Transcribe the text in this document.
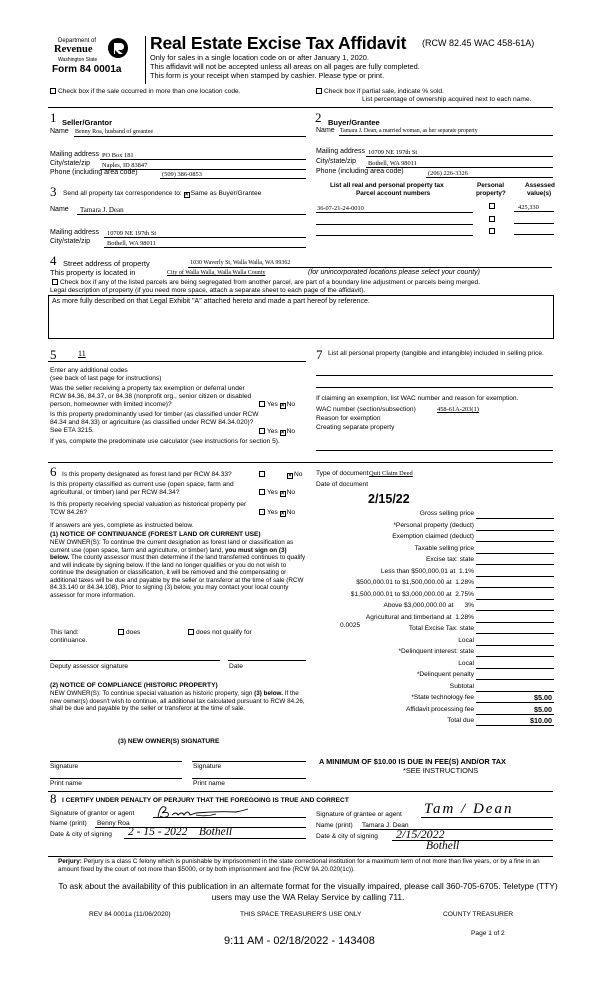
Department of
Revenue
Washington State
Form 84 0001a
Real Estate Excise Tax Affidavit (RCW 82.45 WAC 458-61A)
Only for sales in a single location code on or after January 1, 2020.
This affidavit will not be accepted unless all areas on all pages are fully completed.
This form is your receipt when stamped by cashier. Please type or print.
Check box if the sale occurred in more than one location code.	Check box if partial sale, indicate % sold.
List percentage of ownership acquired next to each name.
1 Seller/Grantor
Name Benny Roa, husband of greantee
Mailing address PO Box 181
City/state/zip Naples, ID 83847
Phone (including area code)	(509) 386-0853
2 Buyer/Grantee
Name Tamara J. Dean, a married woman, as her separate property
Mailing address 10709 NE 197th St
City/state/zip Bothell, WA 98011
Phone (including area code)	(206) 226-3326
3 Send all property tax correspondence to: × Same as Buyer/Grantee
Name Tamara J. Dean
Mailing address 10709 NE 197th St
City/state/zip	Bothell, WA 98011
List all real and personal property tax
Parcel account numbers
Personal
property?
Assessed
value(s)
36-07-21-24-0010	425,330
4 Street address of property	1030 Waverly St, Walla Walla, WA 99362
This property is located in	City of Walla Walla, Walla Walla County	(for unincorporated locations please select your county)
Check box if any of the listed parcels are being segregated from another parcel, are part of a boundary line adjustment or parcels being merged.
Legal description of property (if you need more space, attach a separate sheet to each page of the affidavit).
As more fully described on that Legal Exhibit "A" attached hereto and made a part hereof by reference.
5	11
Enter any additional codes
(see back of last page for instructions)
Was the seller receiving a property tax exemption or deferral under RCW 84.36, 84.37, or 84.38 (nonprofit org., senior citizen or disabled person, homeowner with limited income)?	Yes × No
Is this property predominantly used for timber (as classified under RCW 84.34 and 84.33) or agriculture (as classified under RCW 84.34.020)? See ETA 3215.	Yes × No
If yes, complete the predominate use calculator (see instructions for section 5).
6 Is this property designated as forest land per RCW 84.33?	× No
Is this property classified as current use (open space, farm and agricultural, or timber) land per RCW 84.34?	Yes × No
Is this property receiving special valuation as historical property per TCW 84.26?	Yes × No
If answers are yes, complete as instructed below.
(1) NOTICE OF CONTINUANCE (FOREST LAND OR CURRENT USE)
NEW OWNER(S): To continue the current designation as forest land or classification as current use (open space, farm and agriculture, or timber) land, you must sign on (3) below. The county assessor must then determine if the land transferred continues to qualify and will indicate by signing below. If the land no longer qualifies or you do not wish to continue the designation or classification, it will be removed and the compensating or additional taxes will be due and payable by the seller or transferor at the time of sale (RCW 84.33.140 or 84.34.108). Prior to signing (3) below, you may contact your local county assessor for more information.
This land:	does	does not qualify for
continuance.
Deputy assessor signature	Date
(2) NOTICE OF COMPLIANCE (HISTORIC PROPERTY)
NEW OWNER(S): To continue special valuation as historic property, sign (3) below. If the new owner(s) doesn't wish to continue, all additional tax calculated pursuant to RCW 84.26, shall be due and payable by the seller or transferor at the time of sale.
(3) NEW OWNER(S) SIGNATURE
Signature	Signature
Print name	Print name
7 List all personal property (tangible and intangible) included in selling price.
If claiming an exemption, list WAC number and reason for exemption.
WAC number (section/subsection)	458-61A-203(1)
Reason for exemption
Creating separate property
Type of document Quit Claim Deed
Date of document
2/15/22
Gross selling price
*Personal property (deduct)
Exemption claimed (deduct)
Taxable selling price
Excise tax: state
Less than $500,000.01 at  1.1%
$500,000.01 to $1,500,000.00 at  1.28%
$1,500,000.01 to $3,000,000.00 at  2.75%
Above $3,000,000.00 at      3%
Agricultural and timberland at  1.28%
Total Excise Tax: state
Local
*Delinquent interest: state
Local
*Delinquent penalty
Subtotal
*State technology fee	$5.00
Affidavit processing fee	$5.00
Total due	$10.00
0.0025
A MINIMUM OF $10.00 IS DUE IN FEE(S) AND/OR TAX
*SEE INSTRUCTIONS
8 I CERTIFY UNDER PENALTY OF PERJURY THAT THE FOREGOING IS TRUE AND CORRECT
Signature of grantor or agent
Name (print) Benny Roa
Date & city of signing 2 - 15 - 2022    Bothell
Signature of grantee or agent Tam / Dean
Name (print) Tamara J. Dean
Date & city of signing 2/15/2022
Bothell
Perjury: Perjury is a class C felony which is punishable by imprisonment in the state correctional institution for a maximum term of not more than five years, or by a fine in an amount fixed by the court of not more than $5000, or by both imprisonment and fine (RCW 9A.20.020(1c)).
To ask about the availability of this publication in an alternate format for the visually impaired, please call 360-705-6705. Teletype (TTY) users may use the WA Relay Service by calling 711.
REV 84 0001a (11/06/2020)	THIS SPACE TREASURER'S USE ONLY	COUNTY TREASURER
Page 1 of 2
9:11 AM - 02/18/2022 - 143408
